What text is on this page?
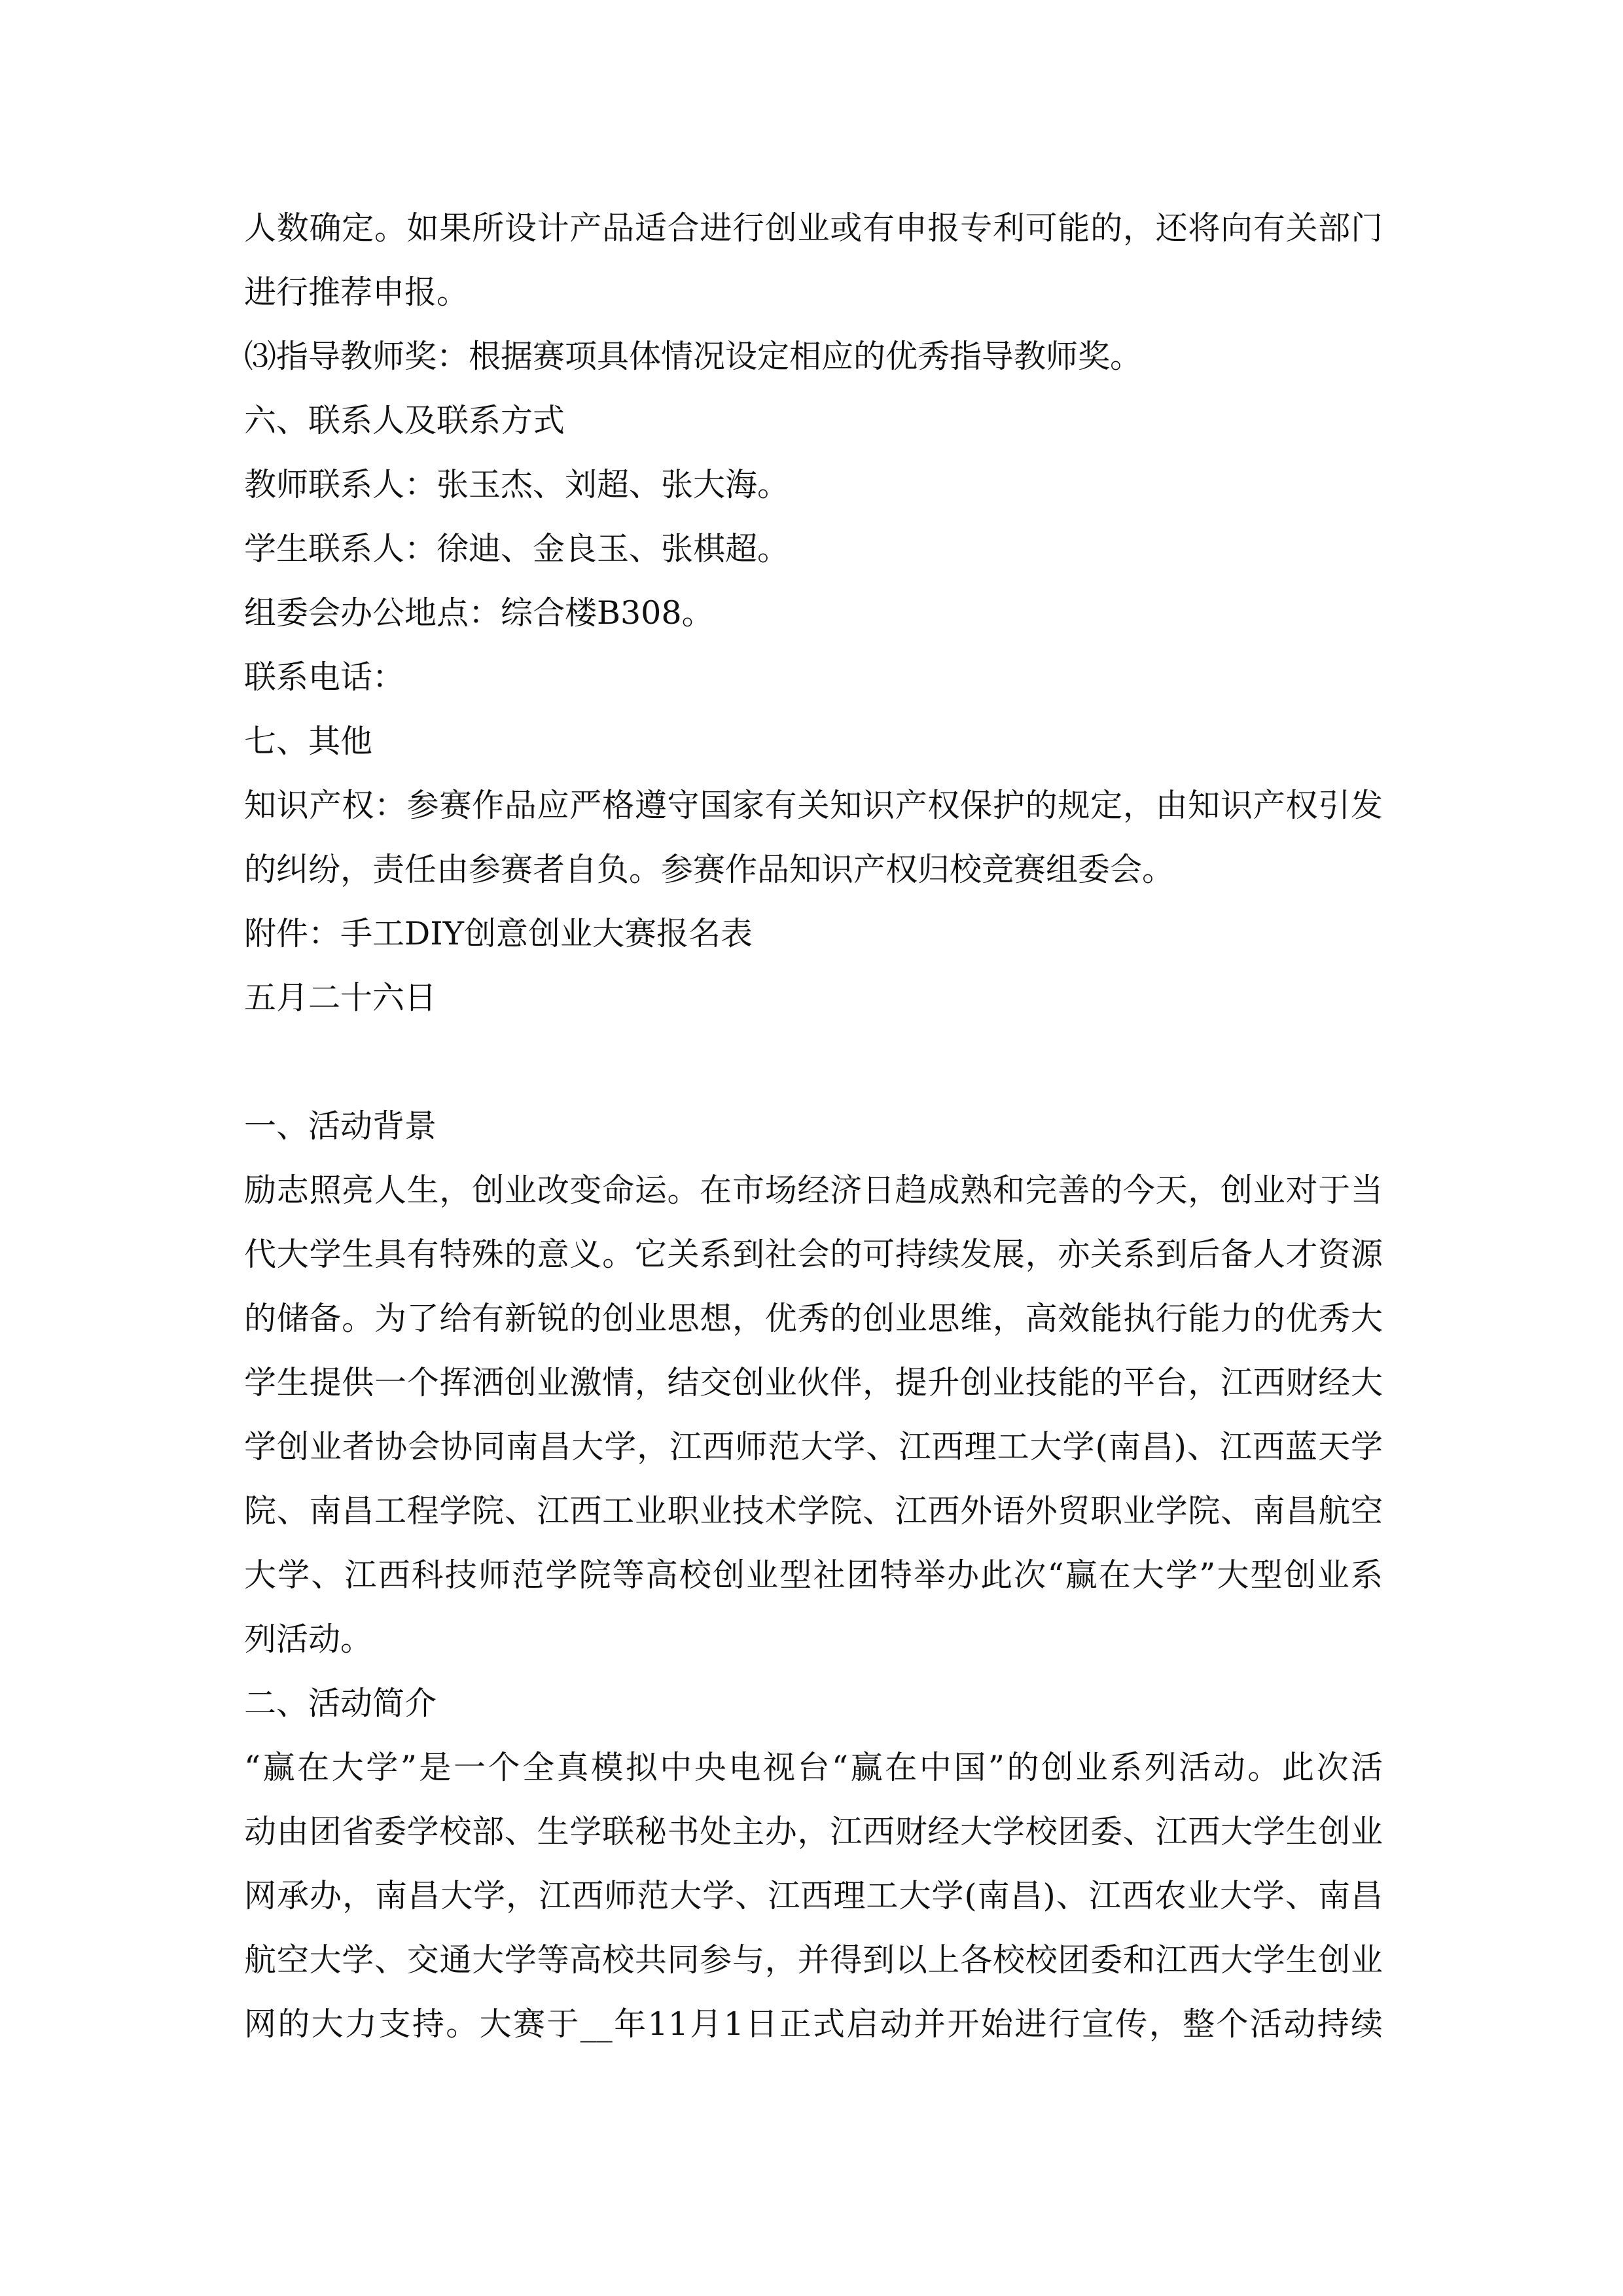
人数确定。如果所设计产品适合进行创业或有申报专利可能的，还将向有关部门
进行推荐申报。
⑶指导教师奖：根据赛项具体情况设定相应的优秀指导教师奖。
六、联系人及联系方式
教师联系人：张玉杰、刘超、张大海。
学生联系人：徐迪、金良玉、张棋超。
组委会办公地点：综合楼B308。
联系电话：
七、其他
知识产权：参赛作品应严格遵守国家有关知识产权保护的规定，由知识产权引发
的纠纷，责任由参赛者自负。参赛作品知识产权归校竞赛组委会。
附件：手工DIY创意创业大赛报名表
五月二十六日
一、活动背景
励志照亮人生，创业改变命运。在市场经济日趋成熟和完善的今天，创业对于当
代大学生具有特殊的意义。它关系到社会的可持续发展，亦关系到后备人才资源
的储备。为了给有新锐的创业思想，优秀的创业思维，高效能执行能力的优秀大
学生提供一个挥洒创业激情，结交创业伙伴，提升创业技能的平台，江西财经大
学创业者协会协同南昌大学，江西师范大学、江西理工大学(南昌)、江西蓝天学
院、南昌工程学院、江西工业职业技术学院、江西外语外贸职业学院、南昌航空
大学、江西科技师范学院等高校创业型社团特举办此次“赢在大学”大型创业系
列活动。
二、活动简介
“赢在大学”是一个全真模拟中央电视台“赢在中国”的创业系列活动。此次活
动由团省委学校部、生学联秘书处主办，江西财经大学校团委、江西大学生创业
网承办，南昌大学，江西师范大学、江西理工大学(南昌)、江西农业大学、南昌
航空大学、交通大学等高校共同参与，并得到以上各校校团委和江西大学生创业
网的大力支持。大赛于__年11月1日正式启动并开始进行宣传，整个活动持续
